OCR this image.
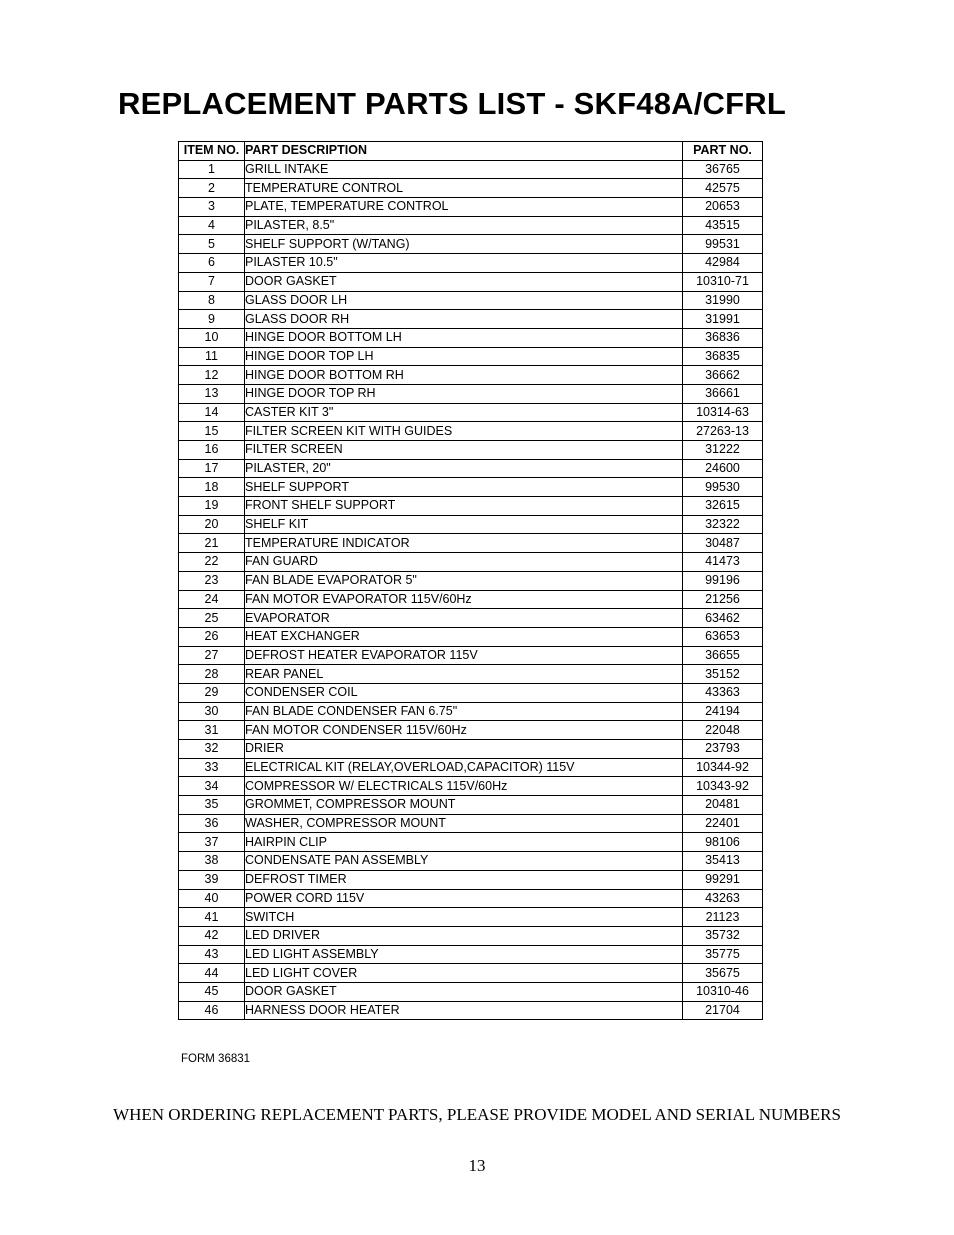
REPLACEMENT PARTS LIST - SKF48A/CFRL
ITEM NO.	PART DESCRIPTION	PART NO.
1	GRILL INTAKE	36765
2	TEMPERATURE CONTROL	42575
3	PLATE, TEMPERATURE CONTROL	20653
4	PILASTER, 8.5"	43515
5	SHELF SUPPORT (W/TANG)	99531
6	PILASTER 10.5"	42984
7	DOOR GASKET	10310-71
8	GLASS DOOR LH	31990
9	GLASS DOOR RH	31991
10	HINGE DOOR BOTTOM LH	36836
11	HINGE DOOR TOP LH	36835
12	HINGE DOOR BOTTOM RH	36662
13	HINGE DOOR TOP RH	36661
14	CASTER KIT 3"	10314-63
15	FILTER SCREEN KIT WITH GUIDES	27263-13
16	FILTER SCREEN	31222
17	PILASTER, 20"	24600
18	SHELF SUPPORT	99530
19	FRONT SHELF SUPPORT	32615
20	SHELF KIT	32322
21	TEMPERATURE INDICATOR	30487
22	FAN GUARD	41473
23	FAN BLADE EVAPORATOR 5"	99196
24	FAN MOTOR EVAPORATOR 115V/60Hz	21256
25	EVAPORATOR	63462
26	HEAT EXCHANGER	63653
27	DEFROST HEATER EVAPORATOR 115V	36655
28	REAR PANEL	35152
29	CONDENSER COIL	43363
30	FAN BLADE CONDENSER FAN 6.75"	24194
31	FAN MOTOR CONDENSER 115V/60Hz	22048
32	DRIER	23793
33	ELECTRICAL KIT (RELAY,OVERLOAD,CAPACITOR) 115V	10344-92
34	COMPRESSOR W/ ELECTRICALS 115V/60Hz	10343-92
35	GROMMET, COMPRESSOR MOUNT	20481
36	WASHER, COMPRESSOR MOUNT	22401
37	HAIRPIN CLIP	98106
38	CONDENSATE PAN ASSEMBLY	35413
39	DEFROST TIMER	99291
40	POWER CORD 115V	43263
41	SWITCH	21123
42	LED DRIVER	35732
43	LED LIGHT ASSEMBLY	35775
44	LED LIGHT COVER	35675
45	DOOR GASKET	10310-46
46	HARNESS DOOR HEATER	21704
FORM 36831
WHEN ORDERING REPLACEMENT PARTS, PLEASE PROVIDE MODEL AND SERIAL NUMBERS
13
